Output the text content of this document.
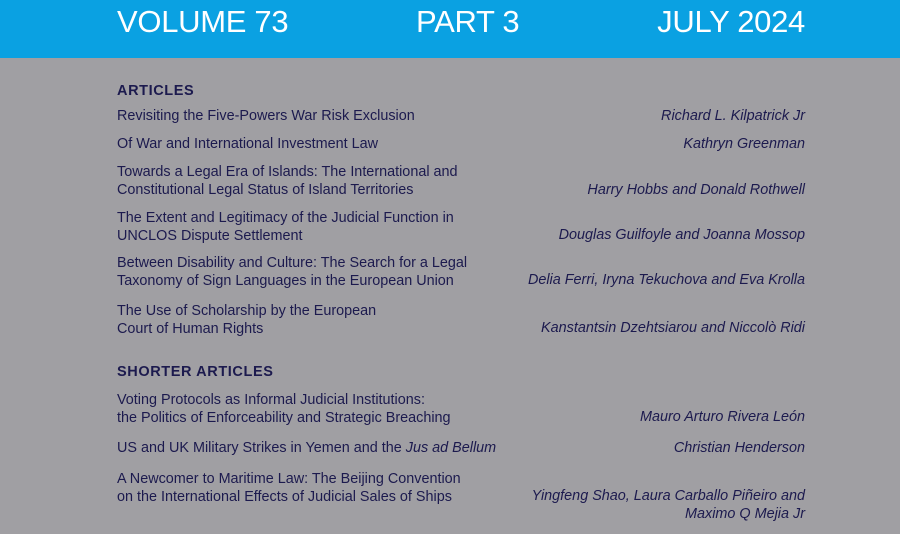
VOLUME 73	PART 3	JULY 2024
ARTICLES
Revisiting the Five-Powers War Risk Exclusion	Richard L. Kilpatrick Jr
Of War and International Investment Law	Kathryn Greenman
Towards a Legal Era of Islands: The International and
Constitutional Legal Status of Island Territories	Harry Hobbs and Donald Rothwell
The Extent and Legitimacy of the Judicial Function in
UNCLOS Dispute Settlement	Douglas Guilfoyle and Joanna Mossop
Between Disability and Culture: The Search for a Legal
Taxonomy of Sign Languages in the European Union	Delia Ferri, Iryna Tekuchova and Eva Krolla
The Use of Scholarship by the European
Court of Human Rights	Kanstantsin Dzehtsiarou and Niccolò Ridi
SHORTER ARTICLES
Voting Protocols as Informal Judicial Institutions:
the Politics of Enforceability and Strategic Breaching	Mauro Arturo Rivera León
US and UK Military Strikes in Yemen and the Jus ad Bellum	Christian Henderson
A Newcomer to Maritime Law: The Beijing Convention
on the International Effects of Judicial Sales of Ships	Yingfeng Shao, Laura Carballo Piñeiro and
Maximo Q Mejia Jr
